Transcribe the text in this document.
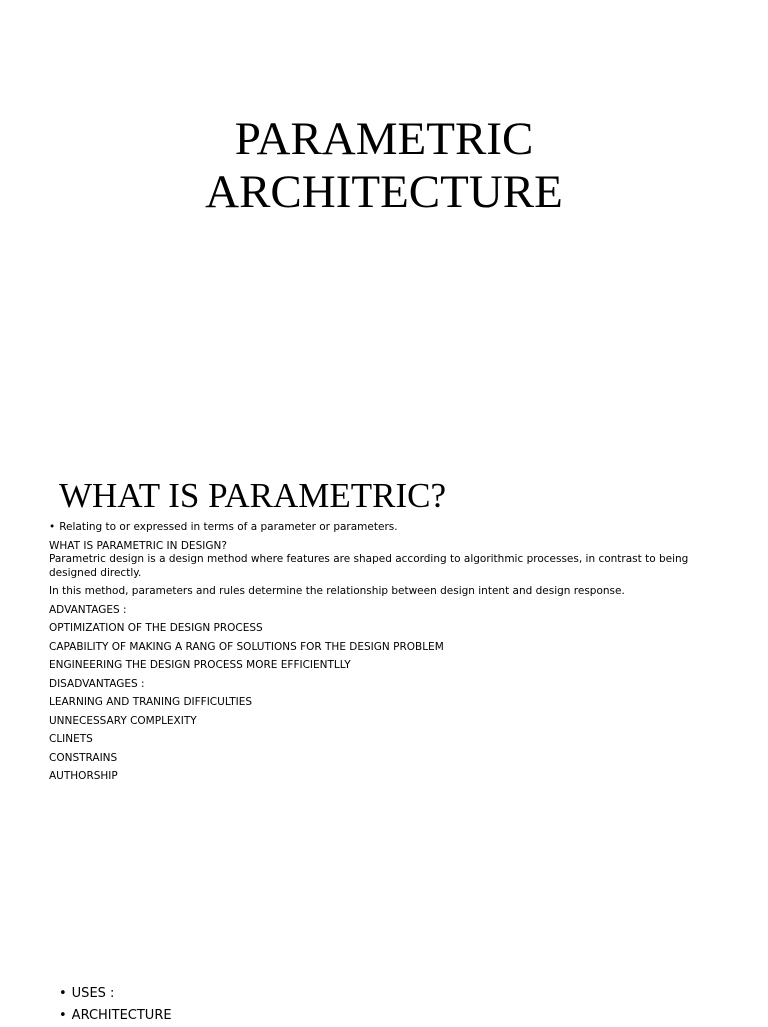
PARAMETRIC
ARCHITECTURE
WHAT IS PARAMETRIC?

• Relating to or expressed in terms of a parameter or parameters.

WHAT IS PARAMETRIC IN DESIGN?

Parametric design is a design method where features are shaped according to algorithmic processes, in contrast to being designed directly.

In this method, parameters and rules determine the relationship between design intent and design response.

ADVANTAGES :

OPTIMIZATION OF THE DESIGN PROCESS

CAPABILITY OF MAKING A RANG OF SOLUTIONS FOR THE DESIGN PROBLEM

ENGINEERING THE DESIGN PROCESS MORE EFFICIENTLLY

DISADVANTAGES :

LEARNING AND TRANING DIFFICULTIES

UNNECESSARY COMPLEXITY

CLINETS

CONSTRAINS

AUTHORSHIP

• USES :
• ARCHITECTURE
